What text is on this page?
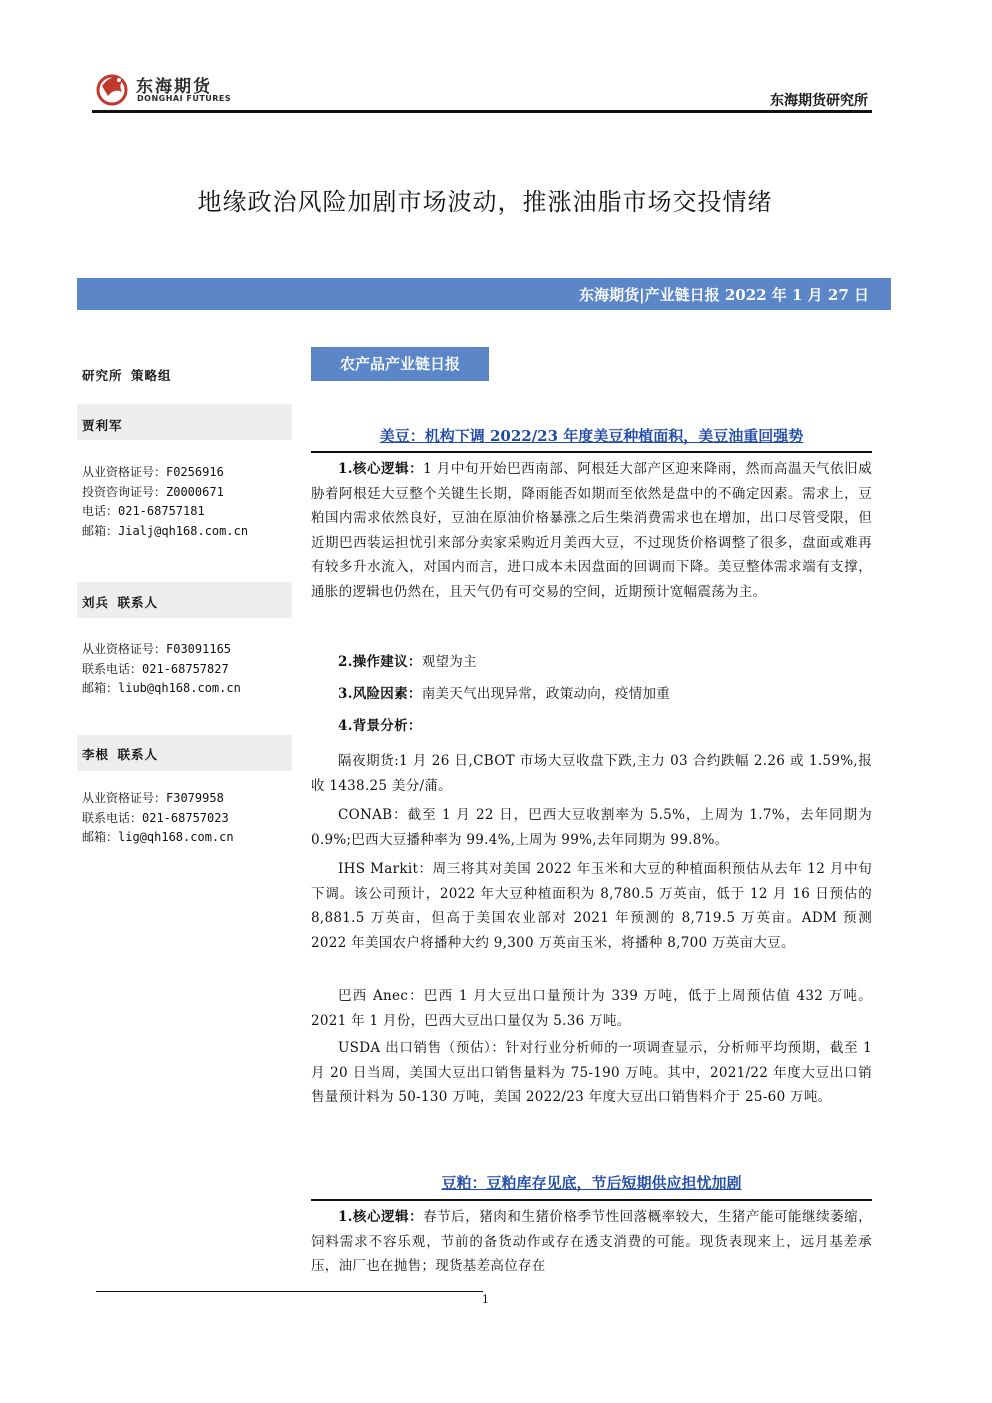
东海期货
DONGHAI FUTURES	东海期货研究所
地缘政治风险加剧市场波动，推涨油脂市场交投情绪
东海期货|产业链日报 2022 年 1 月 27 日
研究所 策略组
贾利军
从业资格证号：F0256916
投资咨询证号：Z0000671
电话：021-68757181
邮箱：Jialj@qh168.com.cn
刘兵 联系人
从业资格证号：F03091165
联系电话：021-68757827
邮箱：liub@qh168.com.cn
李根 联系人
从业资格证号：F3079958
联系电话：021-68757023
邮箱：lig@qh168.com.cn
农产品产业链日报
美豆：机构下调 2022/23 年度美豆种植面积，美豆油重回强势
1.核心逻辑：1 月中旬开始巴西南部、阿根廷大部产区迎来降雨，然而高温天气依旧威胁着阿根廷大豆整个关键生长期，降雨能否如期而至依然是盘中的不确定因素。需求上，豆粕国内需求依然良好，豆油在原油价格暴涨之后生柴消费需求也在增加，出口尽管受限，但近期巴西装运担忧引来部分卖家采购近月美西大豆，不过现货价格调整了很多，盘面或难再有较多升水流入，对国内而言，进口成本未因盘面的回调而下降。美豆整体需求端有支撑，通胀的逻辑也仍然在，且天气仍有可交易的空间，近期预计宽幅震荡为主。
2.操作建议：观望为主
3.风险因素：南美天气出现异常，政策动向，疫情加重
4.背景分析：
隔夜期货:1 月 26 日,CBOT 市场大豆收盘下跌,主力 03 合约跌幅 2.26 或 1.59%,报收 1438.25 美分/蒲。
CONAB：截至 1 月 22 日，巴西大豆收割率为 5.5%，上周为 1.7%，去年同期为 0.9%;巴西大豆播种率为 99.4%,上周为 99%,去年同期为 99.8%。
IHS Markit：周三将其对美国 2022 年玉米和大豆的种植面积预估从去年 12 月中旬下调。该公司预计，2022 年大豆种植面积为 8,780.5 万英亩，低于 12 月 16 日预估的 8,881.5 万英亩，但高于美国农业部对 2021 年预测的 8,719.5 万英亩。ADM 预测 2022 年美国农户将播种大约 9,300 万英亩玉米，将播种 8,700 万英亩大豆。
巴西 Anec：巴西 1 月大豆出口量预计为 339 万吨，低于上周预估值 432 万吨。2021 年 1 月份，巴西大豆出口量仅为 5.36 万吨。
USDA 出口销售（预估）：针对行业分析师的一项调查显示，分析师平均预期，截至 1 月 20 日当周，美国大豆出口销售量料为 75-190 万吨。其中，2021/22 年度大豆出口销售量预计料为 50-130 万吨，美国 2022/23 年度大豆出口销售料介于 25-60 万吨。
豆粕：豆粕库存见底，节后短期供应担忧加剧
1.核心逻辑：春节后，猪肉和生猪价格季节性回落概率较大，生猪产能可能继续萎缩，饲料需求不容乐观，节前的备货动作或存在透支消费的可能。现货表现来上，远月基差承压，油厂也在抛售；现货基差高位存在
1
